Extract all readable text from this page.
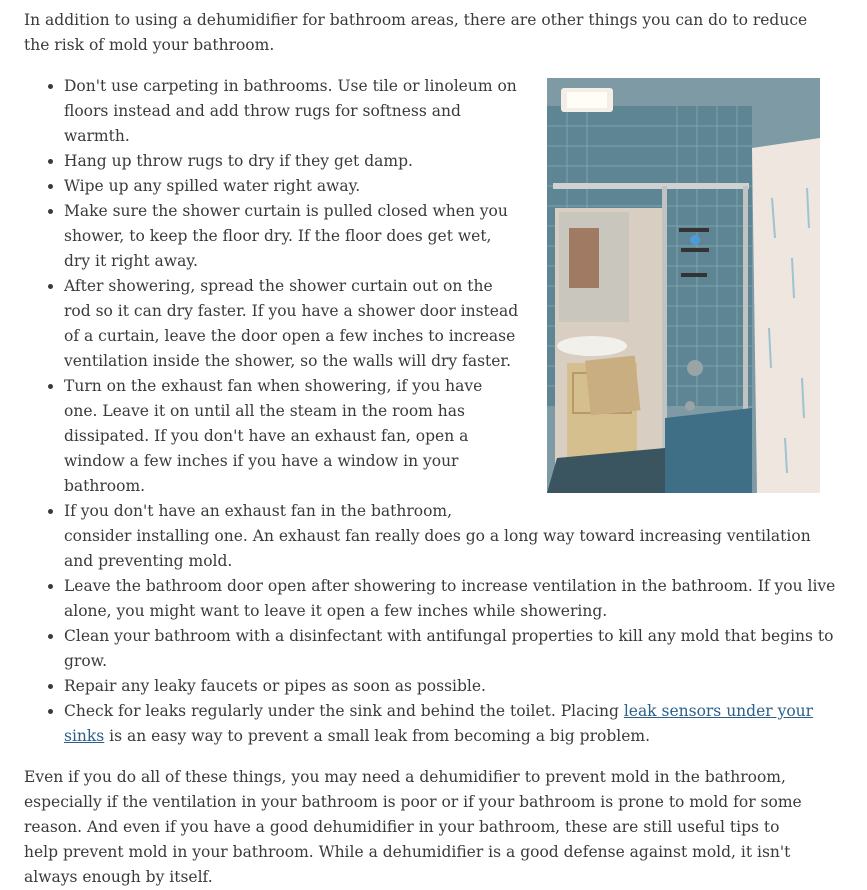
In addition to using a dehumidifier for bathroom areas, there are other things you can do to reduce the risk of mold your bathroom.

• Don't use carpeting in bathrooms. Use tile or linoleum on floors instead and add throw rugs for softness and warmth.
• Hang up throw rugs to dry if they get damp.
• Wipe up any spilled water right away.
• Make sure the shower curtain is pulled closed when you shower, to keep the floor dry. If the floor does get wet, dry it right away.
• After showering, spread the shower curtain out on the rod so it can dry faster. If you have a shower door instead of a curtain, leave the door open a few inches to increase ventilation inside the shower, so the walls will dry faster.
• Turn on the exhaust fan when showering, if you have one. Leave it on until all the steam in the room has dissipated. If you don't have an exhaust fan, open a window a few inches if you have a window in your bathroom.
• If you don't have an exhaust fan in the bathroom, consider installing one. An exhaust fan really does go a long way toward increasing ventilation and preventing mold.
• Leave the bathroom door open after showering to increase ventilation in the bathroom. If you live alone, you might want to leave it open a few inches while showering.
• Clean your bathroom with a disinfectant with antifungal properties to kill any mold that begins to grow.
• Repair any leaky faucets or pipes as soon as possible.
• Check for leaks regularly under the sink and behind the toilet. Placing leak sensors under your sinks is an easy way to prevent a small leak from becoming a big problem.

Even if you do all of these things, you may need a dehumidifier to prevent mold in the bathroom, especially if the ventilation in your bathroom is poor or if your bathroom is prone to mold for some reason. And even if you have a good dehumidifier in your bathroom, these are still useful tips to help prevent mold in your bathroom. While a dehumidifier is a good defense against mold, it isn't always enough by itself.
